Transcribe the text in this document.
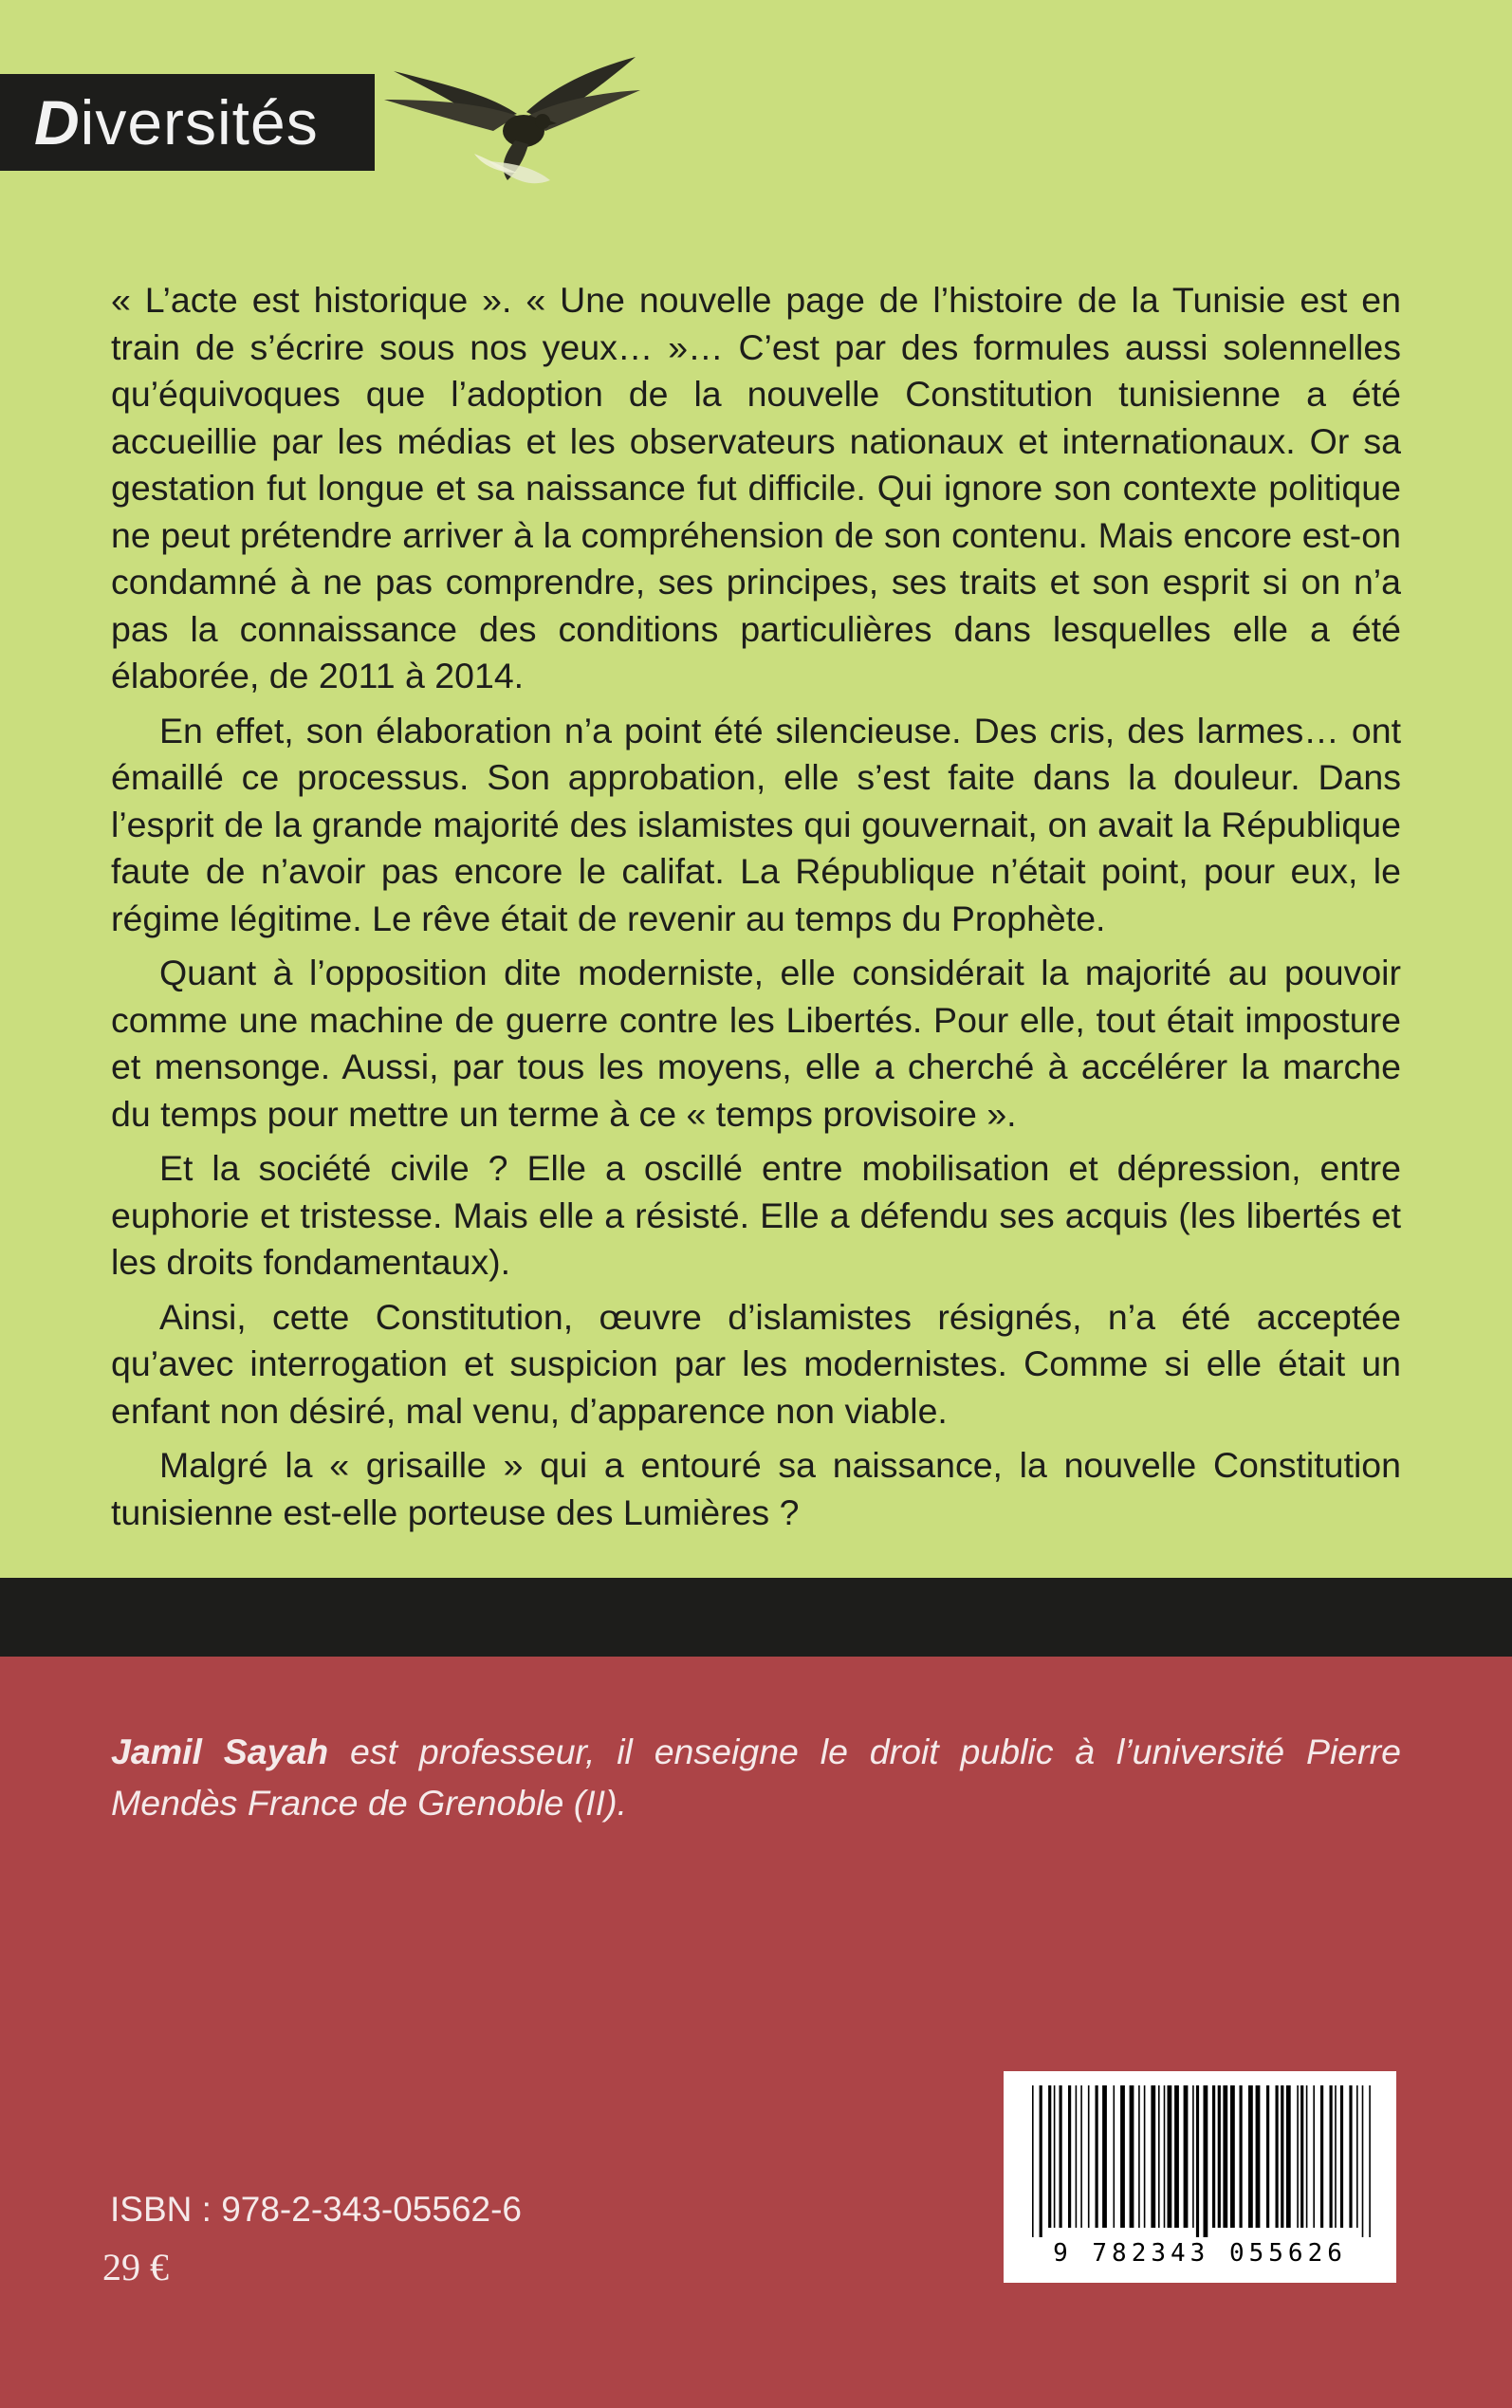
Diversités

« L’acte est historique ». « Une nouvelle page de l’histoire de la Tunisie est en train de s’écrire sous nos yeux… »… C’est par des formules aussi solennelles qu’équivoques que l’adoption de la nouvelle Constitution tunisienne a été accueillie par les médias et les observateurs nationaux et internationaux. Or sa gestation fut longue et sa naissance fut difficile. Qui ignore son contexte politique ne peut prétendre arriver à la compréhension de son contenu. Mais encore est-on condamné à ne pas comprendre, ses principes, ses traits et son esprit si on n’a pas la connaissance des conditions particulières dans lesquelles elle a été élaborée, de 2011 à 2014.

En effet, son élaboration n’a point été silencieuse. Des cris, des larmes… ont émaillé ce processus. Son approbation, elle s’est faite dans la douleur. Dans l’esprit de la grande majorité des islamistes qui gouvernait, on avait la République faute de n’avoir pas encore le califat. La République n’était point, pour eux, le régime légitime. Le rêve était de revenir au temps du Prophète.

Quant à l’opposition dite moderniste, elle considérait la majorité au pouvoir comme une machine de guerre contre les Libertés. Pour elle, tout était imposture et mensonge. Aussi, par tous les moyens, elle a cherché à accélérer la marche du temps pour mettre un terme à ce « temps provisoire ».

Et la société civile ? Elle a oscillé entre mobilisation et dépression, entre euphorie et tristesse. Mais elle a résisté. Elle a défendu ses acquis (les libertés et les droits fondamentaux).

Ainsi, cette Constitution, œuvre d’islamistes résignés, n’a été acceptée qu’avec interrogation et suspicion par les modernistes. Comme si elle était un enfant non désiré, mal venu, d’apparence non viable.

Malgré la « grisaille » qui a entouré sa naissance, la nouvelle Constitution tunisienne est-elle porteuse des Lumières ?

Jamil Sayah est professeur, il enseigne le droit public à l’université Pierre Mendès France de Grenoble (II).
9 782343 055626
ISBN : 978-2-343-05562-6
29 €
